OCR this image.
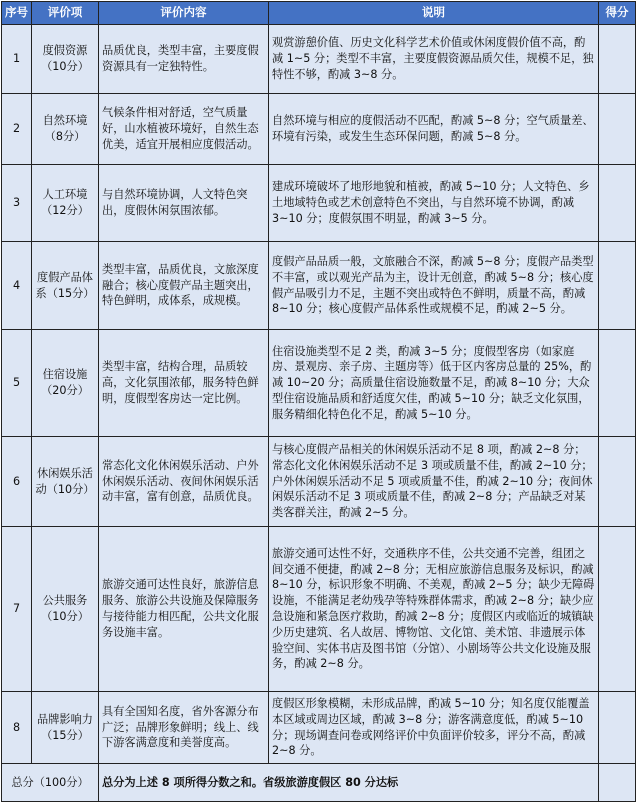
序号	评价项	评价内容	说明	得分
1	度假资源（10分）	品质优良，类型丰富，主要度假资源具有一定独特性。	观赏游憩价值、历史文化科学艺术价值或休闲度假价值不高，酌减 1~5 分；类型不丰富，主要度假资源品质欠佳，规模不足，独特性不够，酌减 3~8 分。	
2	自然环境（8分）	气候条件相对舒适，空气质量好，山水植被环境好，自然生态优美，适宜开展相应度假活动。	自然环境与相应的度假活动不匹配，酌减 5~8 分；空气质量差、环境有污染，或发生生态环保问题，酌减 5~8 分。	
3	人工环境（12分）	与自然环境协调，人文特色突出，度假休闲氛围浓郁。	建成环境破坏了地形地貌和植被，酌减 5~10 分；人文特色、乡土地域特色或艺术创意特色不突出，与自然环境不协调，酌减 3~10 分；度假氛围不明显，酌减 3~5 分。	
4	度假产品体系（15分）	类型丰富，品质优良，文旅深度融合；核心度假产品主题突出，特色鲜明，成体系，成规模。	度假产品品质一般，文旅融合不深，酌减 5~8 分；度假产品类型不丰富，或以观光产品为主，设计无创意，酌减 5~8 分；核心度假产品吸引力不足，主题不突出或特色不鲜明，质量不高，酌减 8~10 分；核心度假产品体系性或规模不足，酌减 2~5 分。	
5	住宿设施（20分）	类型丰富，结构合理，品质较高，文化氛围浓郁，服务特色鲜明，度假型客房达一定比例。	住宿设施类型不足 2 类，酌减 3~5 分；度假型客房（如家庭房、景观房、亲子房、主题房等）低于区内客房总量的 25%，酌减 10~20 分；高质量住宿设施数量不足，酌减 8~10 分；大众型住宿设施品质和舒适度欠佳，酌减 5~10 分；缺乏文化氛围，服务精细化特色化不足，酌减 5~10 分。	
6	休闲娱乐活动（10分）	常态化文化休闲娱乐活动、户外休闲娱乐活动、夜间休闲娱乐活动丰富，富有创意，品质优良。	与核心度假产品相关的休闲娱乐活动不足 8 项，酌减 2~8 分；常态化文化休闲娱乐活动不足 3 项或质量不佳，酌减 2~10 分；户外休闲娱乐活动不足 5 项或质量不佳，酌减 2~10 分；夜间休闲娱乐活动不足 3 项或质量不佳，酌减 2~8 分；产品缺乏对某类客群关注，酌减 2~5 分。	
7	公共服务（10分）	旅游交通可达性良好，旅游信息服务、旅游公共设施及保障服务与接待能力相匹配，公共文化服务设施丰富。	旅游交通可达性不好，交通秩序不佳，公共交通不完善，组团之间交通不便捷，酌减 2~8 分；无相应旅游信息服务及标识，酌减 8~10 分，标识形象不明确、不美观，酌减 2~5 分；缺少无障碍设施，不能满足老幼残孕等特殊群体需求，酌减 2~8 分；缺少应急设施和紧急医疗救助，酌减 2~8 分；度假区内或临近的城镇缺少历史建筑、名人故居、博物馆、文化馆、美术馆、非遗展示体验空间、实体书店及图书馆（分馆）、小剧场等公共文化设施及服务，酌减 2~8 分。	
8	品牌影响力（15分）	具有全国知名度，省外客源分布广泛；品牌形象鲜明；线上、线下游客满意度和美誉度高。	度假区形象模糊，未形成品牌，酌减 5~10 分；知名度仅能覆盖本区域或周边区域，酌减 3~8 分；游客满意度低，酌减 5~10 分；现场调查问卷或网络评价中负面评价较多，评分不高，酌减 2~8 分。	
总分（100分）		总分为上述 8 项所得分数之和。省级旅游度假区 80 分达标		
